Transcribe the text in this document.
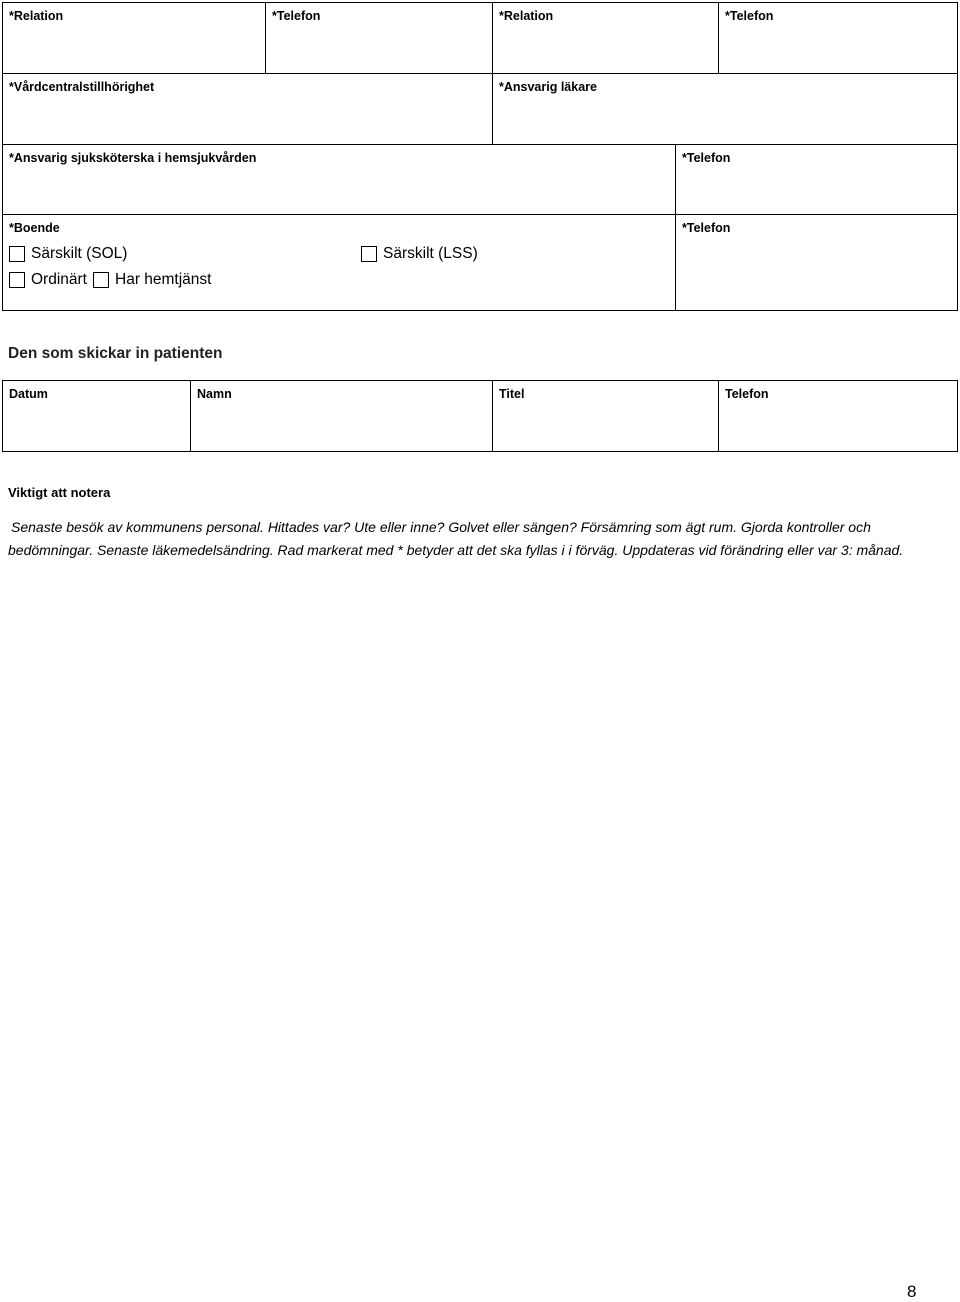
*Relation	*Telefon	*Relation	*Telefon
*Vårdcentralstillhörighet	*Ansvarig läkare
*Ansvarig sjuksköterska i hemsjukvården	*Telefon
*Boende
Särskilt (SOL)	Särskilt (LSS)
Ordinärt Har hemtjänst
*Telefon
Den som skickar in patienten
Datum	Namn	Titel	Telefon
Viktigt att notera
Senaste besök av kommunens personal. Hittades var? Ute eller inne? Golvet eller sängen? Försämring som ägt rum. Gjorda kontroller och bedömningar. Senaste läkemedelsändring. Rad markerat med * betyder att det ska fyllas i i förväg. Uppdateras vid förändring eller var 3: månad.
8
